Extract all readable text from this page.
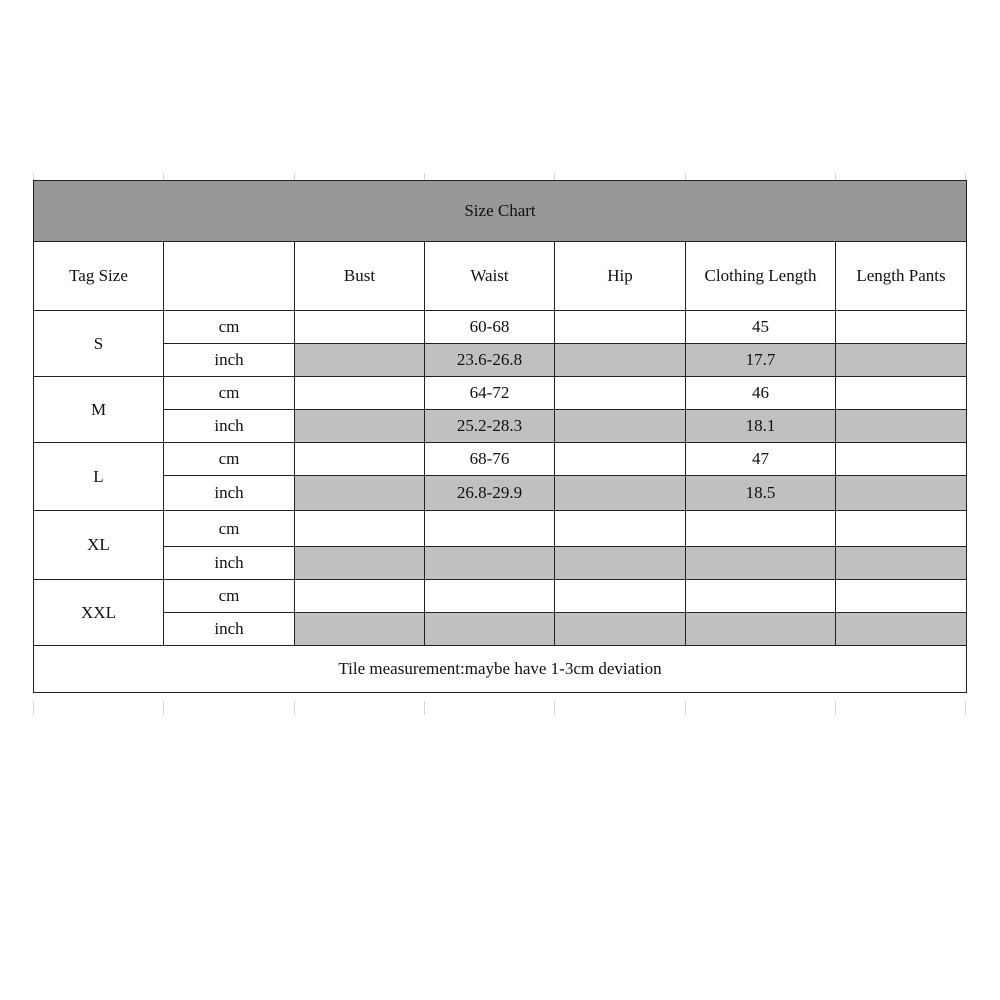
Size Chart						
Tag Size		Bust	Waist	Hip	Clothing Length	Length Pants
S	cm		60-68		45	
	inch		23.6-26.8		17.7	
M	cm		64-72		46	
	inch		25.2-28.3		18.1	
L	cm		68-76		47	
	inch		26.8-29.9		18.5	
XL	cm					
	inch					
XXL	cm					
	inch					
Tile measurement:maybe have 1-3cm deviation						
